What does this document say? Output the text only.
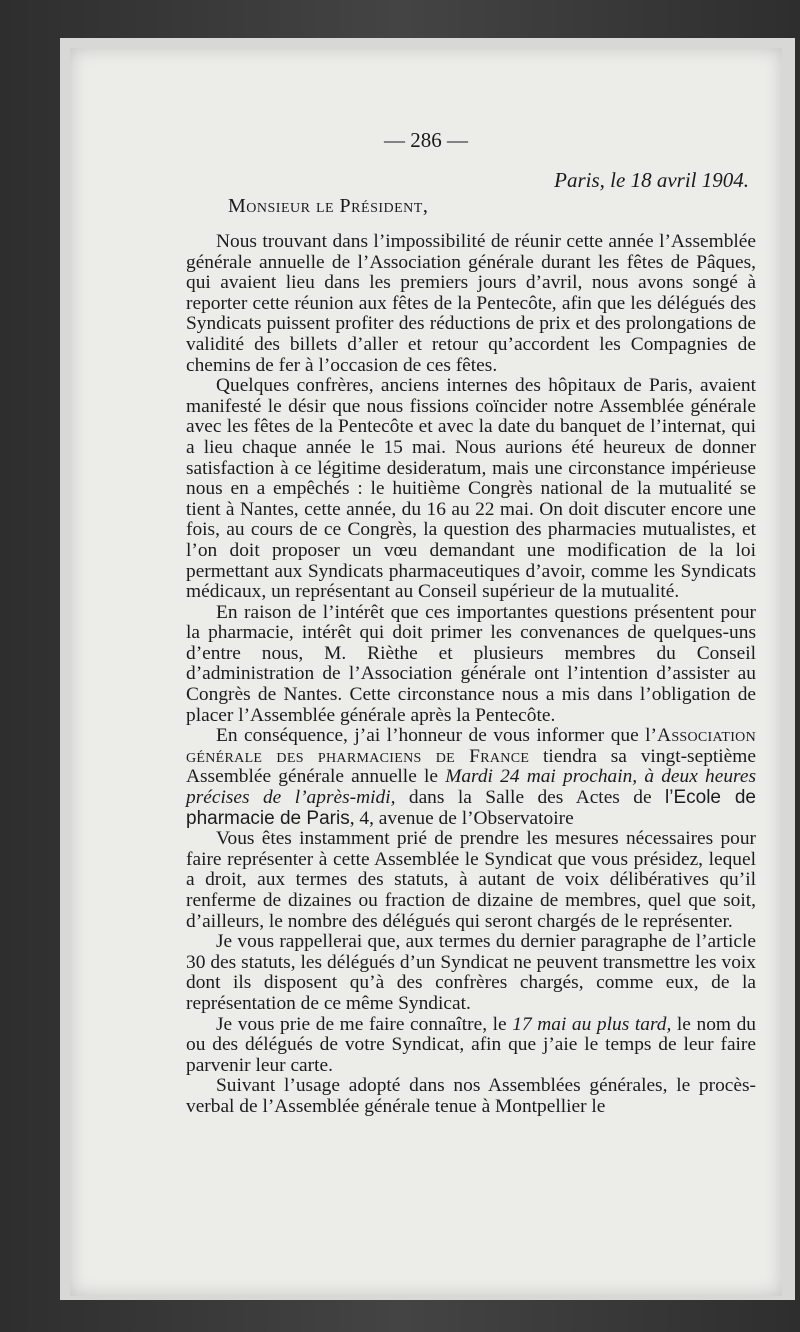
— 286 —
Paris, le 18 avril 1904.
Monsieur le Président,

Nous trouvant dans l’impossibilité de réunir cette année l’Assemblée générale annuelle de l’Association générale durant les fêtes de Pâques, qui avaient lieu dans les premiers jours d’avril, nous avons songé à reporter cette réunion aux fêtes de la Pentecôte, afin que les délégués des Syndicats puissent profiter des réductions de prix et des prolongations de validité des billets d’aller et retour qu’accordent les Compagnies de chemins de fer à l’occasion de ces fêtes.

Quelques confrères, anciens internes des hôpitaux de Paris, avaient manifesté le désir que nous fissions coïncider notre Assemblée générale avec les fêtes de la Pentecôte et avec la date du banquet de l’internat, qui a lieu chaque année le 15 mai. Nous aurions été heureux de donner satisfaction à ce légitime desideratum, mais une circonstance impérieuse nous en a empêchés : le huitième Congrès national de la mutualité se tient à Nantes, cette année, du 16 au 22 mai. On doit discuter encore une fois, au cours de ce Congrès, la question des pharmacies mutualistes, et l’on doit proposer un vœu demandant une modification de la loi permettant aux Syndicats pharmaceutiques d’avoir, comme les Syndicats médicaux, un représentant au Conseil supérieur de la mutualité.

En raison de l’intérêt que ces importantes questions présentent pour la pharmacie, intérêt qui doit primer les convenances de quelques-uns d’entre nous, M. Rièthe et plusieurs membres du Conseil d’administration de l’Association générale ont l’intention d’assister au Congrès de Nantes. Cette circonstance nous a mis dans l’obligation de placer l’Assemblée générale après la Pentecôte.

En conséquence, j’ai l’honneur de vous informer que l’Association générale des pharmaciens de France tiendra sa vingt-septième Assemblée générale annuelle le Mardi 24 mai prochain, à deux heures précises de l’après-midi, dans la Salle des Actes de l’Ecole de pharmacie de Paris, 4, avenue de l’Observatoire

Vous êtes instamment prié de prendre les mesures nécessaires pour faire représenter à cette Assemblée le Syndicat que vous présidez, lequel a droit, aux termes des statuts, à autant de voix délibératives qu’il renferme de dizaines ou fraction de dizaine de membres, quel que soit, d’ailleurs, le nombre des délégués qui seront chargés de le représenter.

Je vous rappellerai que, aux termes du dernier paragraphe de l’article 30 des statuts, les délégués d’un Syndicat ne peuvent transmettre les voix dont ils disposent qu’à des confrères chargés, comme eux, de la représentation de ce même Syndicat.

Je vous prie de me faire connaître, le 17 mai au plus tard, le nom du ou des délégués de votre Syndicat, afin que j’aie le temps de leur faire parvenir leur carte.

Suivant l’usage adopté dans nos Assemblées générales, le procès-verbal de l’Assemblée générale tenue à Montpellier le
